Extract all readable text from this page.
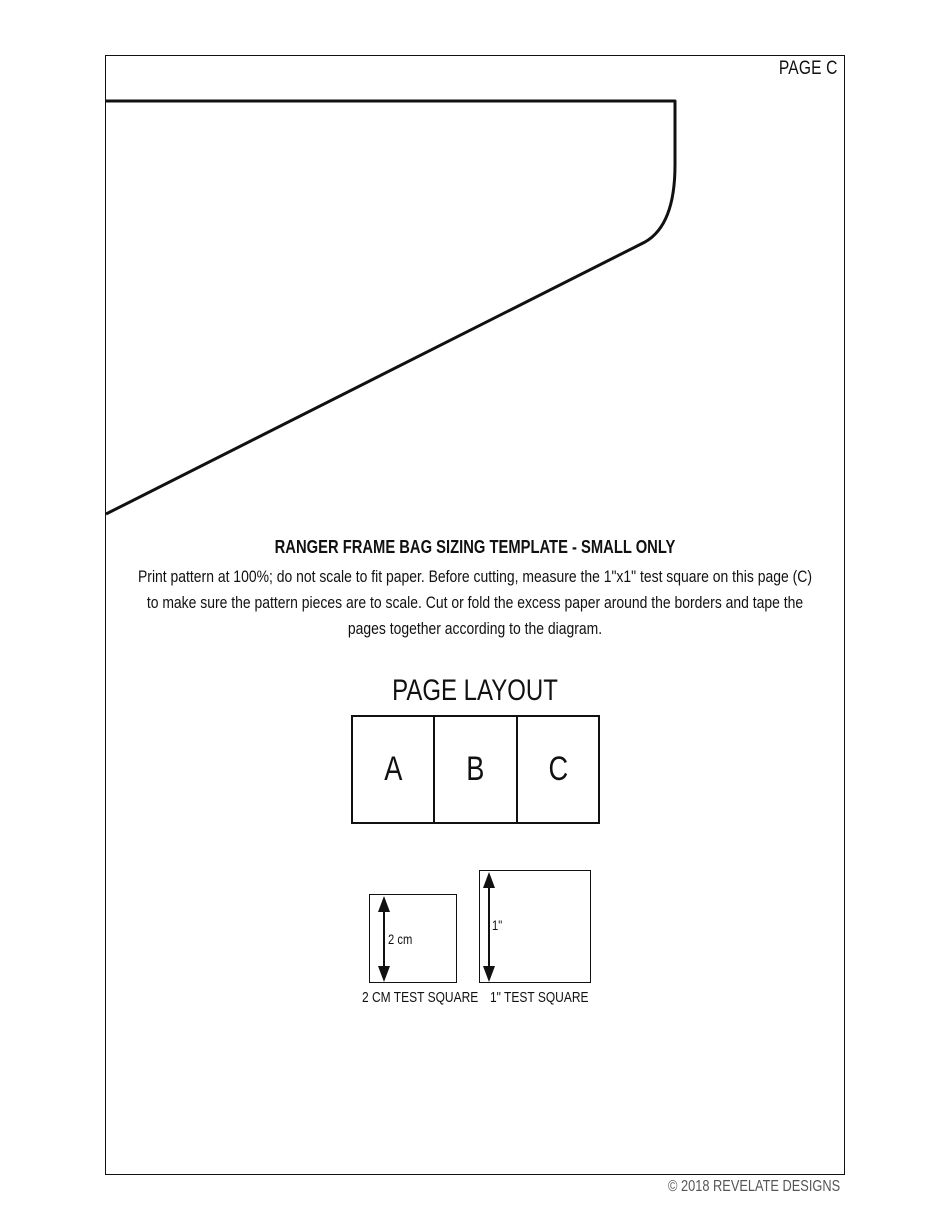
PAGE C
RANGER FRAME BAG SIZING TEMPLATE - SMALL ONLY
Print pattern at 100%; do not scale to fit paper. Before cutting, measure the 1"x1" test square on this page (C) to make sure the pattern pieces are to scale. Cut or fold the excess paper around the borders and tape the pages together according to the diagram.
PAGE LAYOUT
A B C
2 cm
2 CM TEST SQUARE
1"
1" TEST SQUARE
© 2018 REVELATE DESIGNS
